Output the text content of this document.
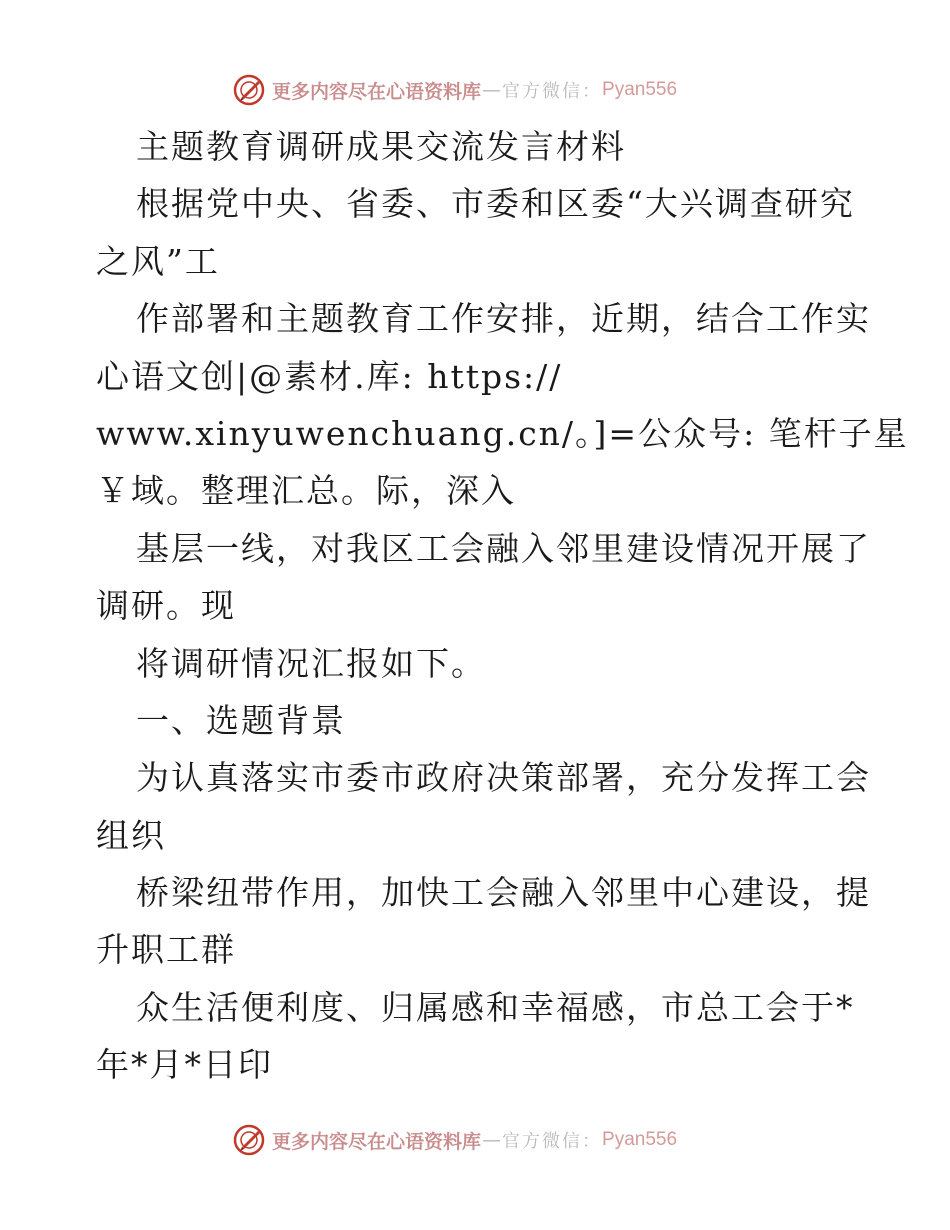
更多内容尽在心语资料库 — 官方微信： Pyan556
主题教育调研成果交流发言材料
根据党中央、省委、市委和区委“大兴调查研究
之风”工
作部署和主题教育工作安排，近期，结合工作实
心语文创|@素材.库: https://
www.xinyuwenchuang.cn/。]=公众号: 笔杆子星
￥域。整理汇总。际，深入
基层一线，对我区工会融入邻里建设情况开展了
调研。现
将调研情况汇报如下。
一、选题背景
为认真落实市委市政府决策部署，充分发挥工会
组织
桥梁纽带作用，加快工会融入邻里中心建设，提
升职工群
众生活便利度、归属感和幸福感，市总工会于*
年*月*日印
更多内容尽在心语资料库 — 官方微信： Pyan556
